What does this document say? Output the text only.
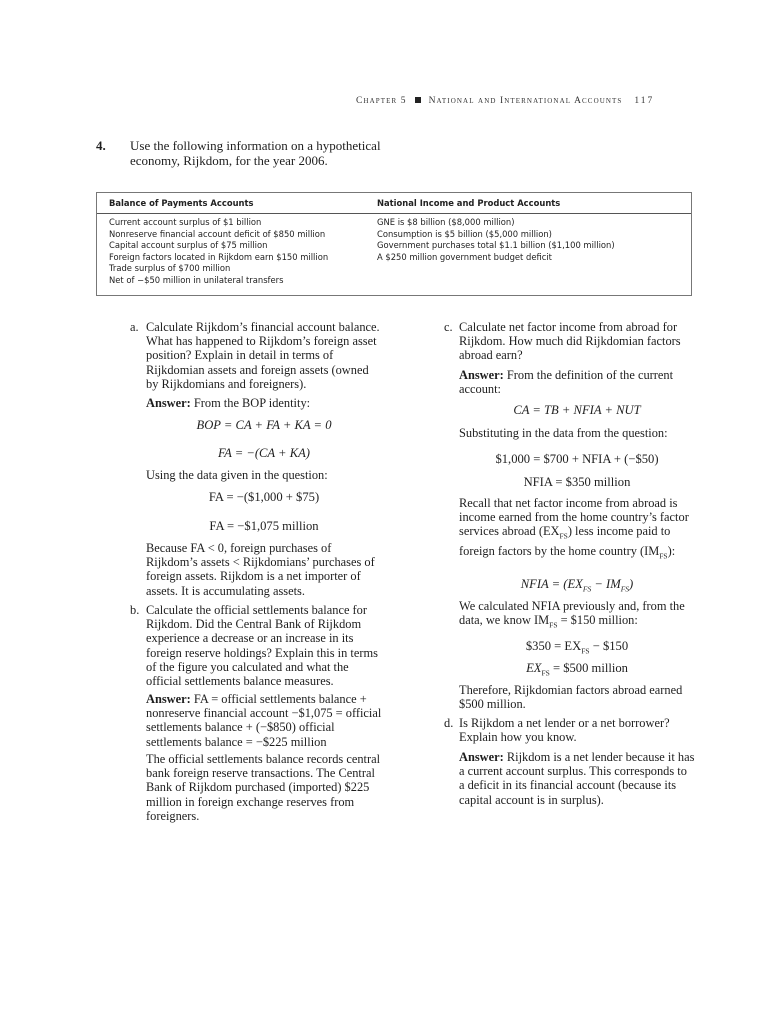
Chapter 5 National and International Accounts 117
4. Use the following information on a hypothetical economy, Rijkdom, for the year 2006.
Balance of Payments Accounts	National Income and Product Accounts
Current account surplus of $1 billion
Nonreserve financial account deficit of $850 million
Capital account surplus of $75 million
Foreign factors located in Rijkdom earn $150 million
Trade surplus of $700 million
Net of −$50 million in unilateral transfers
GNE is $8 billion ($8,000 million)
Consumption is $5 billion ($5,000 million)
Government purchases total $1.1 billion ($1,100 million)
A $250 million government budget deficit
a. Calculate Rijkdom’s financial account balance. What has happened to Rijkdom’s foreign asset position? Explain in detail in terms of Rijkdomian assets and foreign assets (owned by Rijkdomians and foreigners).
Answer: From the BOP identity:
BOP = CA + FA + KA = 0
FA = −(CA + KA)
Using the data given in the question:
FA = −($1,000 + $75)
FA = −$1,075 million
Because FA < 0, foreign purchases of Rijkdom’s assets < Rijkdomians’ purchases of foreign assets. Rijkdom is a net importer of assets. It is accumulating assets.
b. Calculate the official settlements balance for Rijkdom. Did the Central Bank of Rijkdom experience a decrease or an increase in its foreign reserve holdings? Explain this in terms of the figure you calculated and what the official settlements balance measures.
Answer: FA = official settlements balance + nonreserve financial account −$1,075 = official settlements balance + (−$850) official settlements balance = −$225 million
The official settlements balance records central bank foreign reserve transactions. The Central Bank of Rijkdom purchased (imported) $225 million in foreign exchange reserves from foreigners.
c. Calculate net factor income from abroad for Rijkdom. How much did Rijkdomian factors abroad earn?
Answer: From the definition of the current account:
CA = TB + NFIA + NUT
Substituting in the data from the question:
$1,000 = $700 + NFIA + (−$50)
NFIA = $350 million
Recall that net factor income from abroad is income earned from the home country’s factor services abroad $(EX_{FS})$ less income paid to foreign factors by the home country $(IM_{FS})$:
NFIA = $(EX_{FS} - IM_{FS})$
We calculated NFIA previously and, from the data, we know $IM_{FS}$ = $150 million:
$350 = $EX_{FS}$ − $150
$EX_{FS}$ = $500 million
Therefore, Rijkdomian factors abroad earned $500 million.
d. Is Rijkdom a net lender or a net borrower? Explain how you know.
Answer: Rijkdom is a net lender because it has a current account surplus. This corresponds to a deficit in its financial account (because its capital account is in surplus).
